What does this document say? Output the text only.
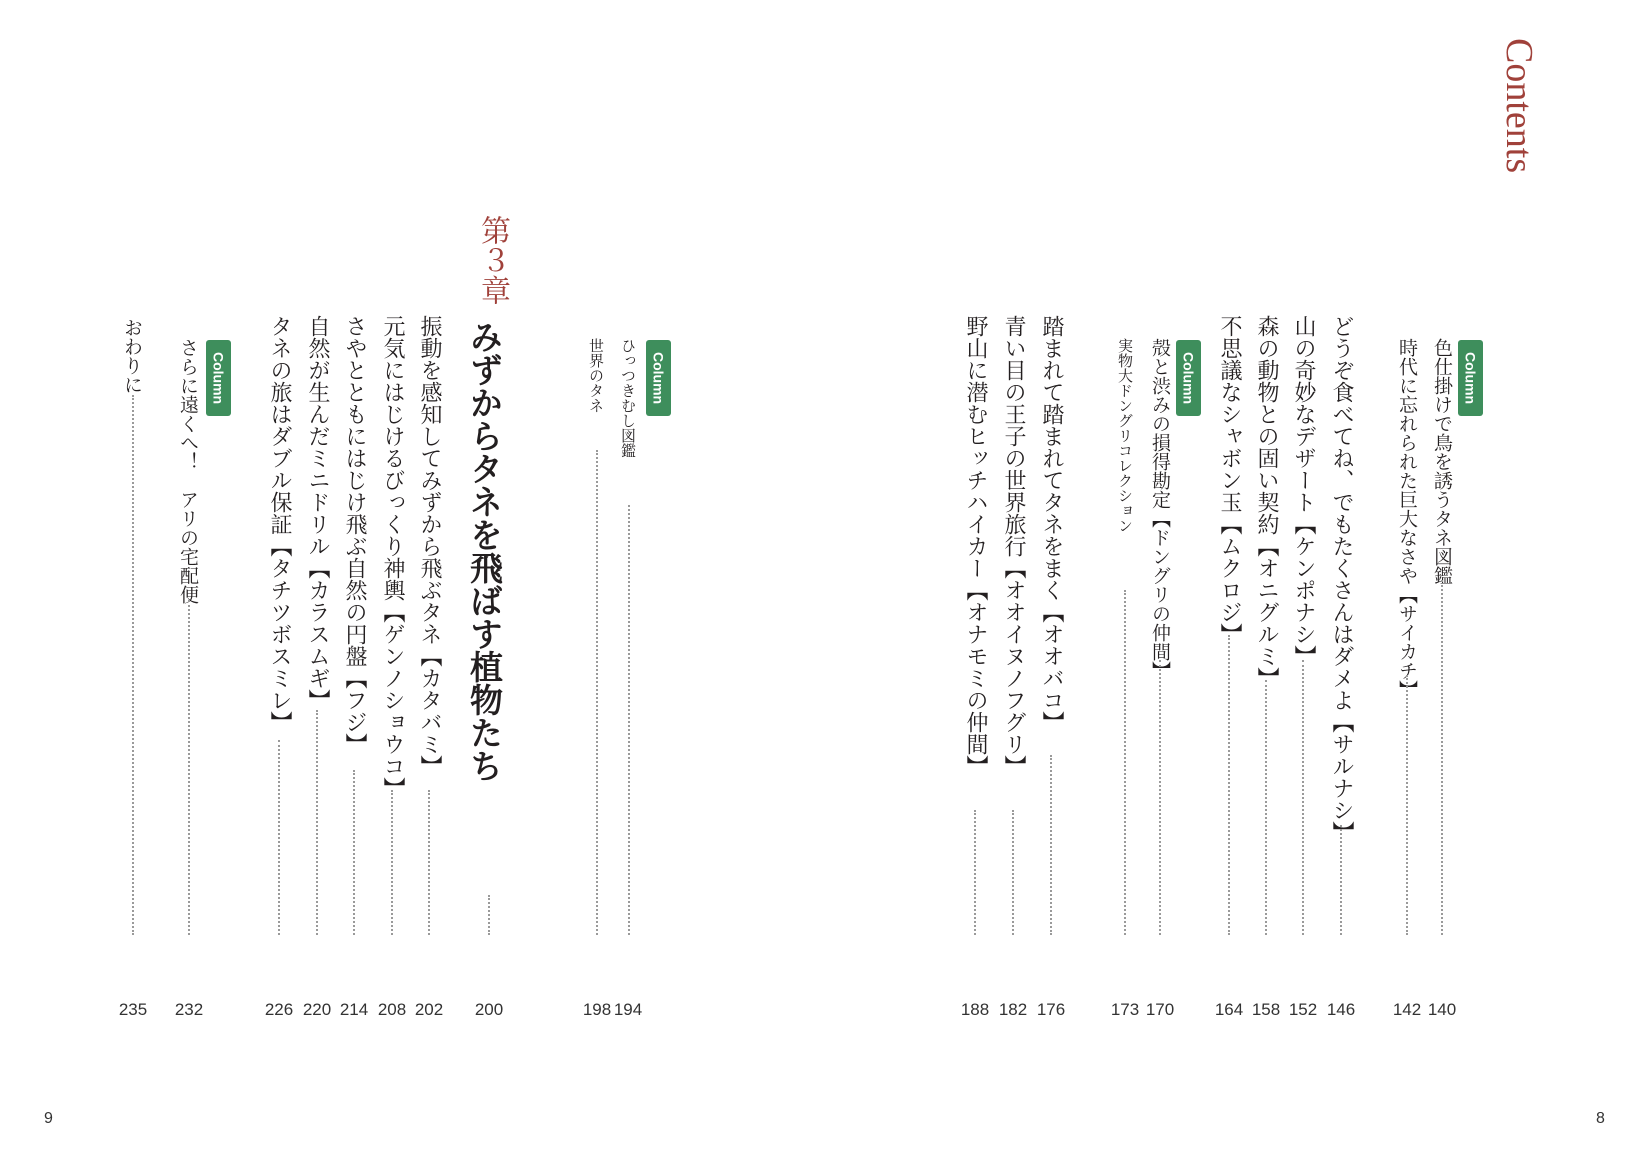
Contents
Column
色仕掛けで鳥を誘うタネ図鑑
時代に忘れられた巨大なさや【サイカチ】
どうぞ食べてね、でもたくさんはダメよ【サルナシ】
山の奇妙なデザート【ケンポナシ】
森の動物との固い契約【オニグルミ】
不思議なシャボン玉【ムクロジ】
Column
殻と渋みの損得勘定【ドングリの仲間】
実物大ドングリコレクション
踏まれて踏まれてタネをまく【オオバコ】
青い目の王子の世界旅行【オオイヌノフグリ】
野山に潜むヒッチハイカー【オナモミの仲間】
140
142
146
152
158
164
170
173
176
182
188
Column
ひっつきむし図鑑
世界のタネ
第３章
みずからタネを飛ばす植物たち
振動を感知してみずから飛ぶタネ【カタバミ】
元気にはじけるびっくり神輿【ゲンノショウコ】
さやとともにはじけ飛ぶ自然の円盤【フジ】
自然が生んだミニドリル【カラスムギ】
タネの旅はダブル保証【タチツボスミレ】
Column
さらに遠くへ！　アリの宅配便
おわりに
194
198
200
202
208
214
220
226
232
235
9	8
